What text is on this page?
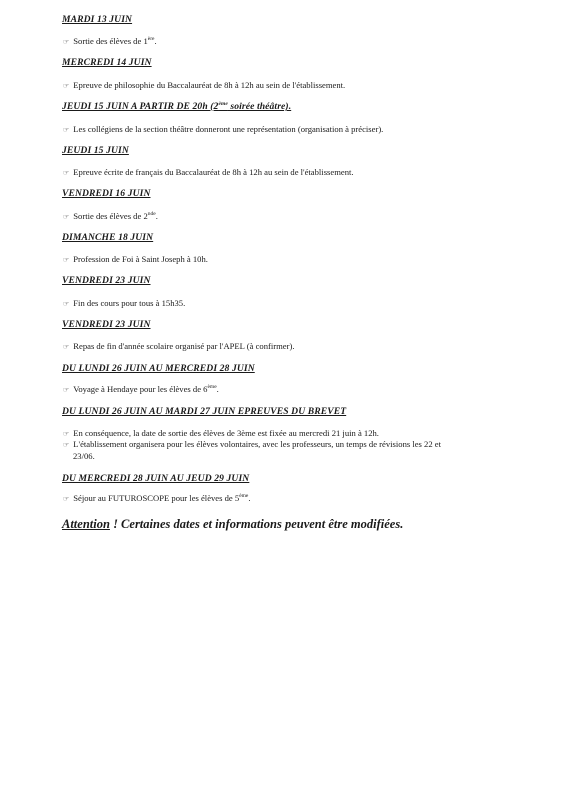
MARDI 13 JUIN
☞ Sortie des élèves de 1ère.
MERCREDI 14 JUIN
☞ Epreuve de philosophie du Baccalauréat de 8h à 12h au sein de l'établissement.
JEUDI 15 JUIN A PARTIR DE 20h (2ème soirée théâtre).
☞ Les collégiens de la section théâtre donneront une représentation (organisation à préciser).
JEUDI 15 JUIN
☞ Epreuve écrite de français du Baccalauréat de 8h à 12h au sein de l'établissement.
VENDREDI 16 JUIN
☞ Sortie des élèves de 2nde.
DIMANCHE 18 JUIN
☞ Profession de Foi à Saint Joseph à 10h.
VENDREDI 23 JUIN
☞ Fin des cours pour tous à 15h35.
VENDREDI 23 JUIN
☞ Repas de fin d'année scolaire organisé par l'APEL (à confirmer).
DU LUNDI 26 JUIN AU MERCREDI 28 JUIN
☞ Voyage à Hendaye pour les élèves de 6ème.
DU LUNDI 26 JUIN AU MARDI 27 JUIN EPREUVES DU BREVET
☞ En conséquence, la date de sortie des élèves de 3ème est fixée au mercredi 21 juin à 12h.
☞ L'établissement organisera pour les élèves volontaires, avec les professeurs, un temps de révisions les 22 et
23/06.
DU MERCREDI 28 JUIN AU JEUD 29 JUIN
☞ Séjour au FUTUROSCOPE pour les élèves de 5ème.
Attention ! Certaines dates et informations peuvent être modifiées.
